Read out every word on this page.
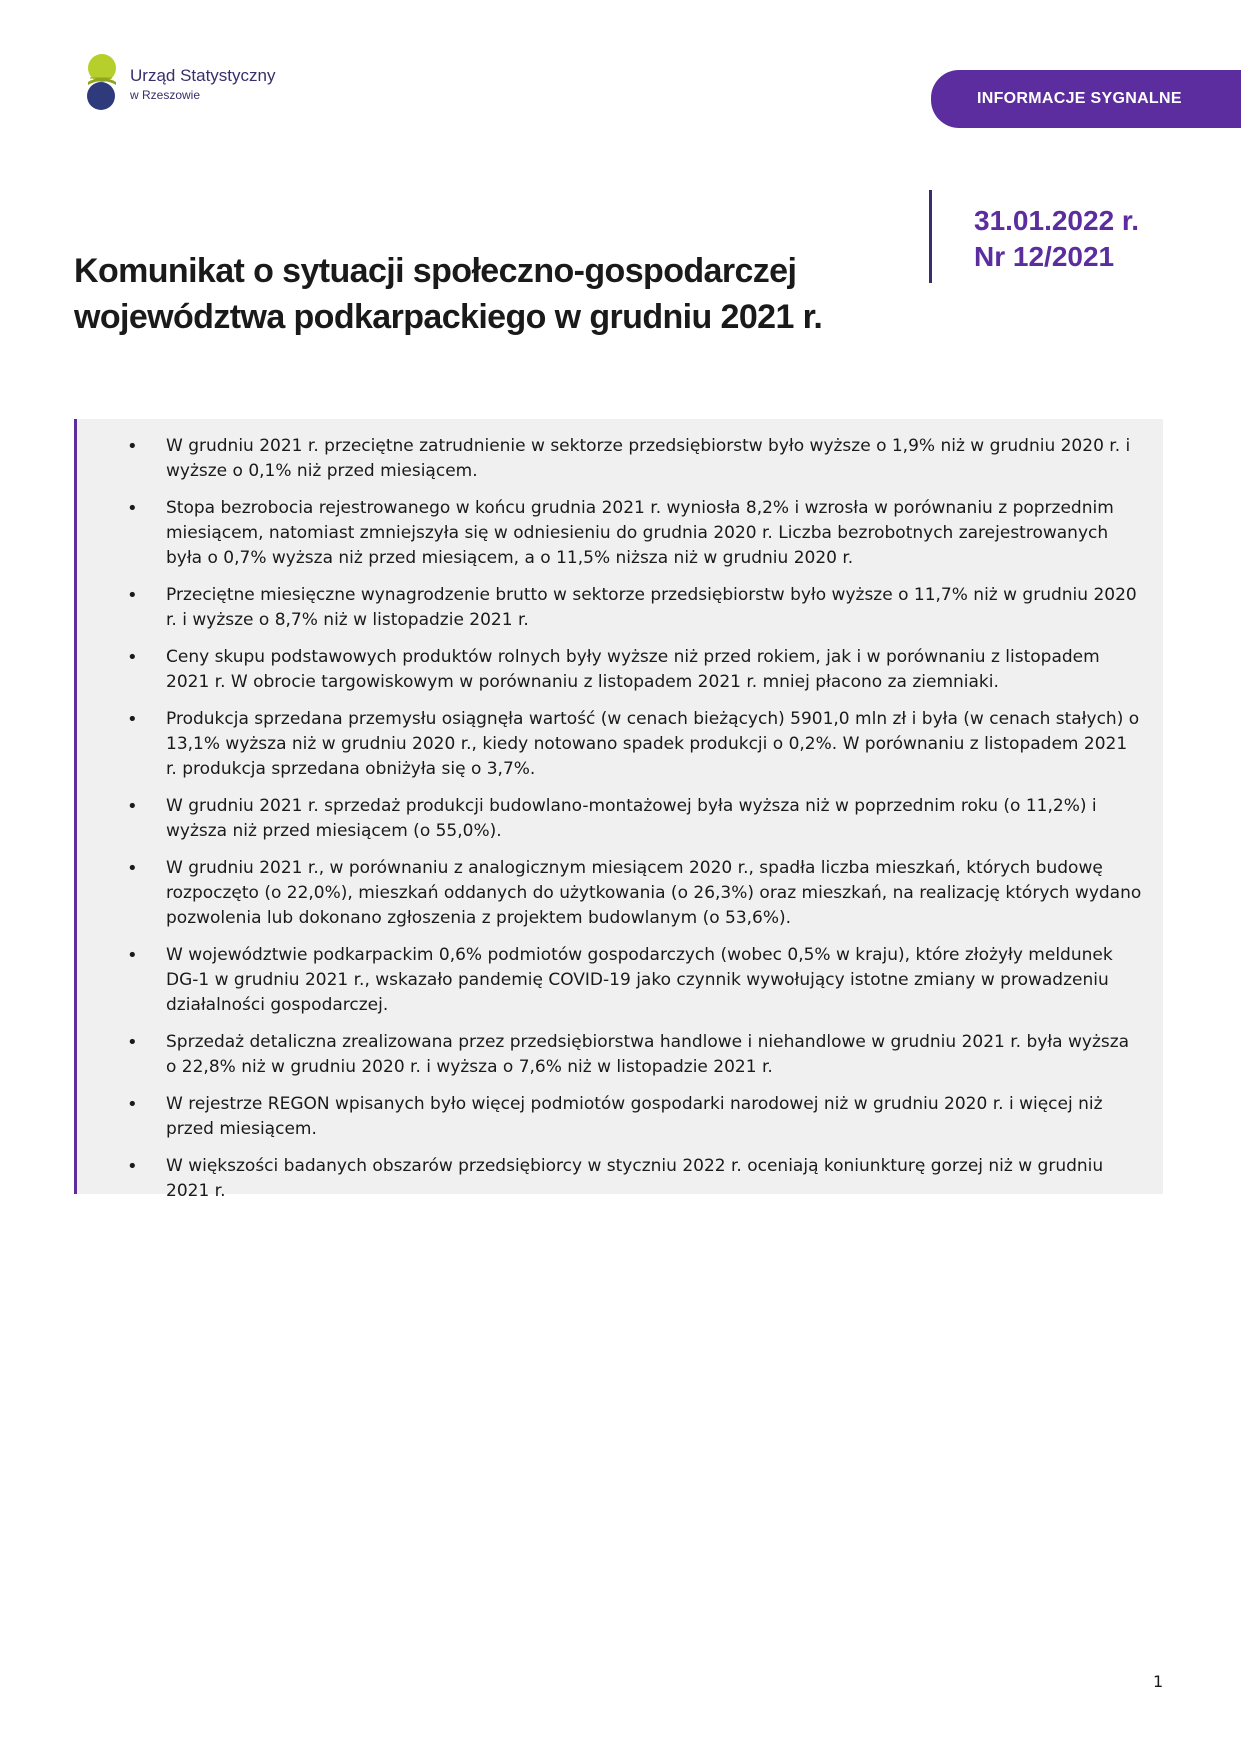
Urząd Statystyczny
w Rzeszowie	INFORMACJE SYGNALNE
31.01.2022 r.
Nr 12/2021
Komunikat o sytuacji społeczno-gospodarczej województwa podkarpackiego w grudniu 2021 r.
• W grudniu 2021 r. przeciętne zatrudnienie w sektorze przedsiębiorstw było wyższe o 1,9% niż w grudniu 2020 r. i wyższe o 0,1% niż przed miesiącem.
• Stopa bezrobocia rejestrowanego w końcu grudnia 2021 r. wyniosła 8,2% i wzrosła w porównaniu z poprzednim miesiącem, natomiast zmniejszyła się w odniesieniu do grudnia 2020 r. Liczba bezrobotnych zarejestrowanych była o 0,7% wyższa niż przed miesiącem, a o 11,5% niższa niż w grudniu 2020 r.
• Przeciętne miesięczne wynagrodzenie brutto w sektorze przedsiębiorstw było wyższe o 11,7% niż w grudniu 2020 r. i wyższe o 8,7% niż w listopadzie 2021 r.
• Ceny skupu podstawowych produktów rolnych były wyższe niż przed rokiem, jak i w porównaniu z listopadem 2021 r. W obrocie targowiskowym w porównaniu z listopadem 2021 r. mniej płacono za ziemniaki.
• Produkcja sprzedana przemysłu osiągnęła wartość (w cenach bieżących) 5901,0 mln zł i była (w cenach stałych) o 13,1% wyższa niż w grudniu 2020 r., kiedy notowano spadek produkcji o 0,2%. W porównaniu z listopadem 2021 r. produkcja sprzedana obniżyła się o 3,7%.
• W grudniu 2021 r. sprzedaż produkcji budowlano-montażowej była wyższa niż w poprzednim roku (o 11,2%) i wyższa niż przed miesiącem (o 55,0%).
• W grudniu 2021 r., w porównaniu z analogicznym miesiącem 2020 r., spadła liczba mieszkań, których budowę rozpoczęto (o 22,0%), mieszkań oddanych do użytkowania (o 26,3%) oraz mieszkań, na realizację których wydano pozwolenia lub dokonano zgłoszenia z projektem budowlanym (o 53,6%).
• W województwie podkarpackim 0,6% podmiotów gospodarczych (wobec 0,5% w kraju), które złożyły meldunek DG-1 w grudniu 2021 r., wskazało pandemię COVID-19 jako czynnik wywołujący istotne zmiany w prowadzeniu działalności gospodarczej.
• Sprzedaż detaliczna zrealizowana przez przedsiębiorstwa handlowe i niehandlowe w grudniu 2021 r. była wyższa o 22,8% niż w grudniu 2020 r. i wyższa o 7,6% niż w listopadzie 2021 r.
• W rejestrze REGON wpisanych było więcej podmiotów gospodarki narodowej niż w grudniu 2020 r. i więcej niż przed miesiącem.
• W większości badanych obszarów przedsiębiorcy w styczniu 2022 r. oceniają koniunkturę gorzej niż w grudniu 2021 r.
1
